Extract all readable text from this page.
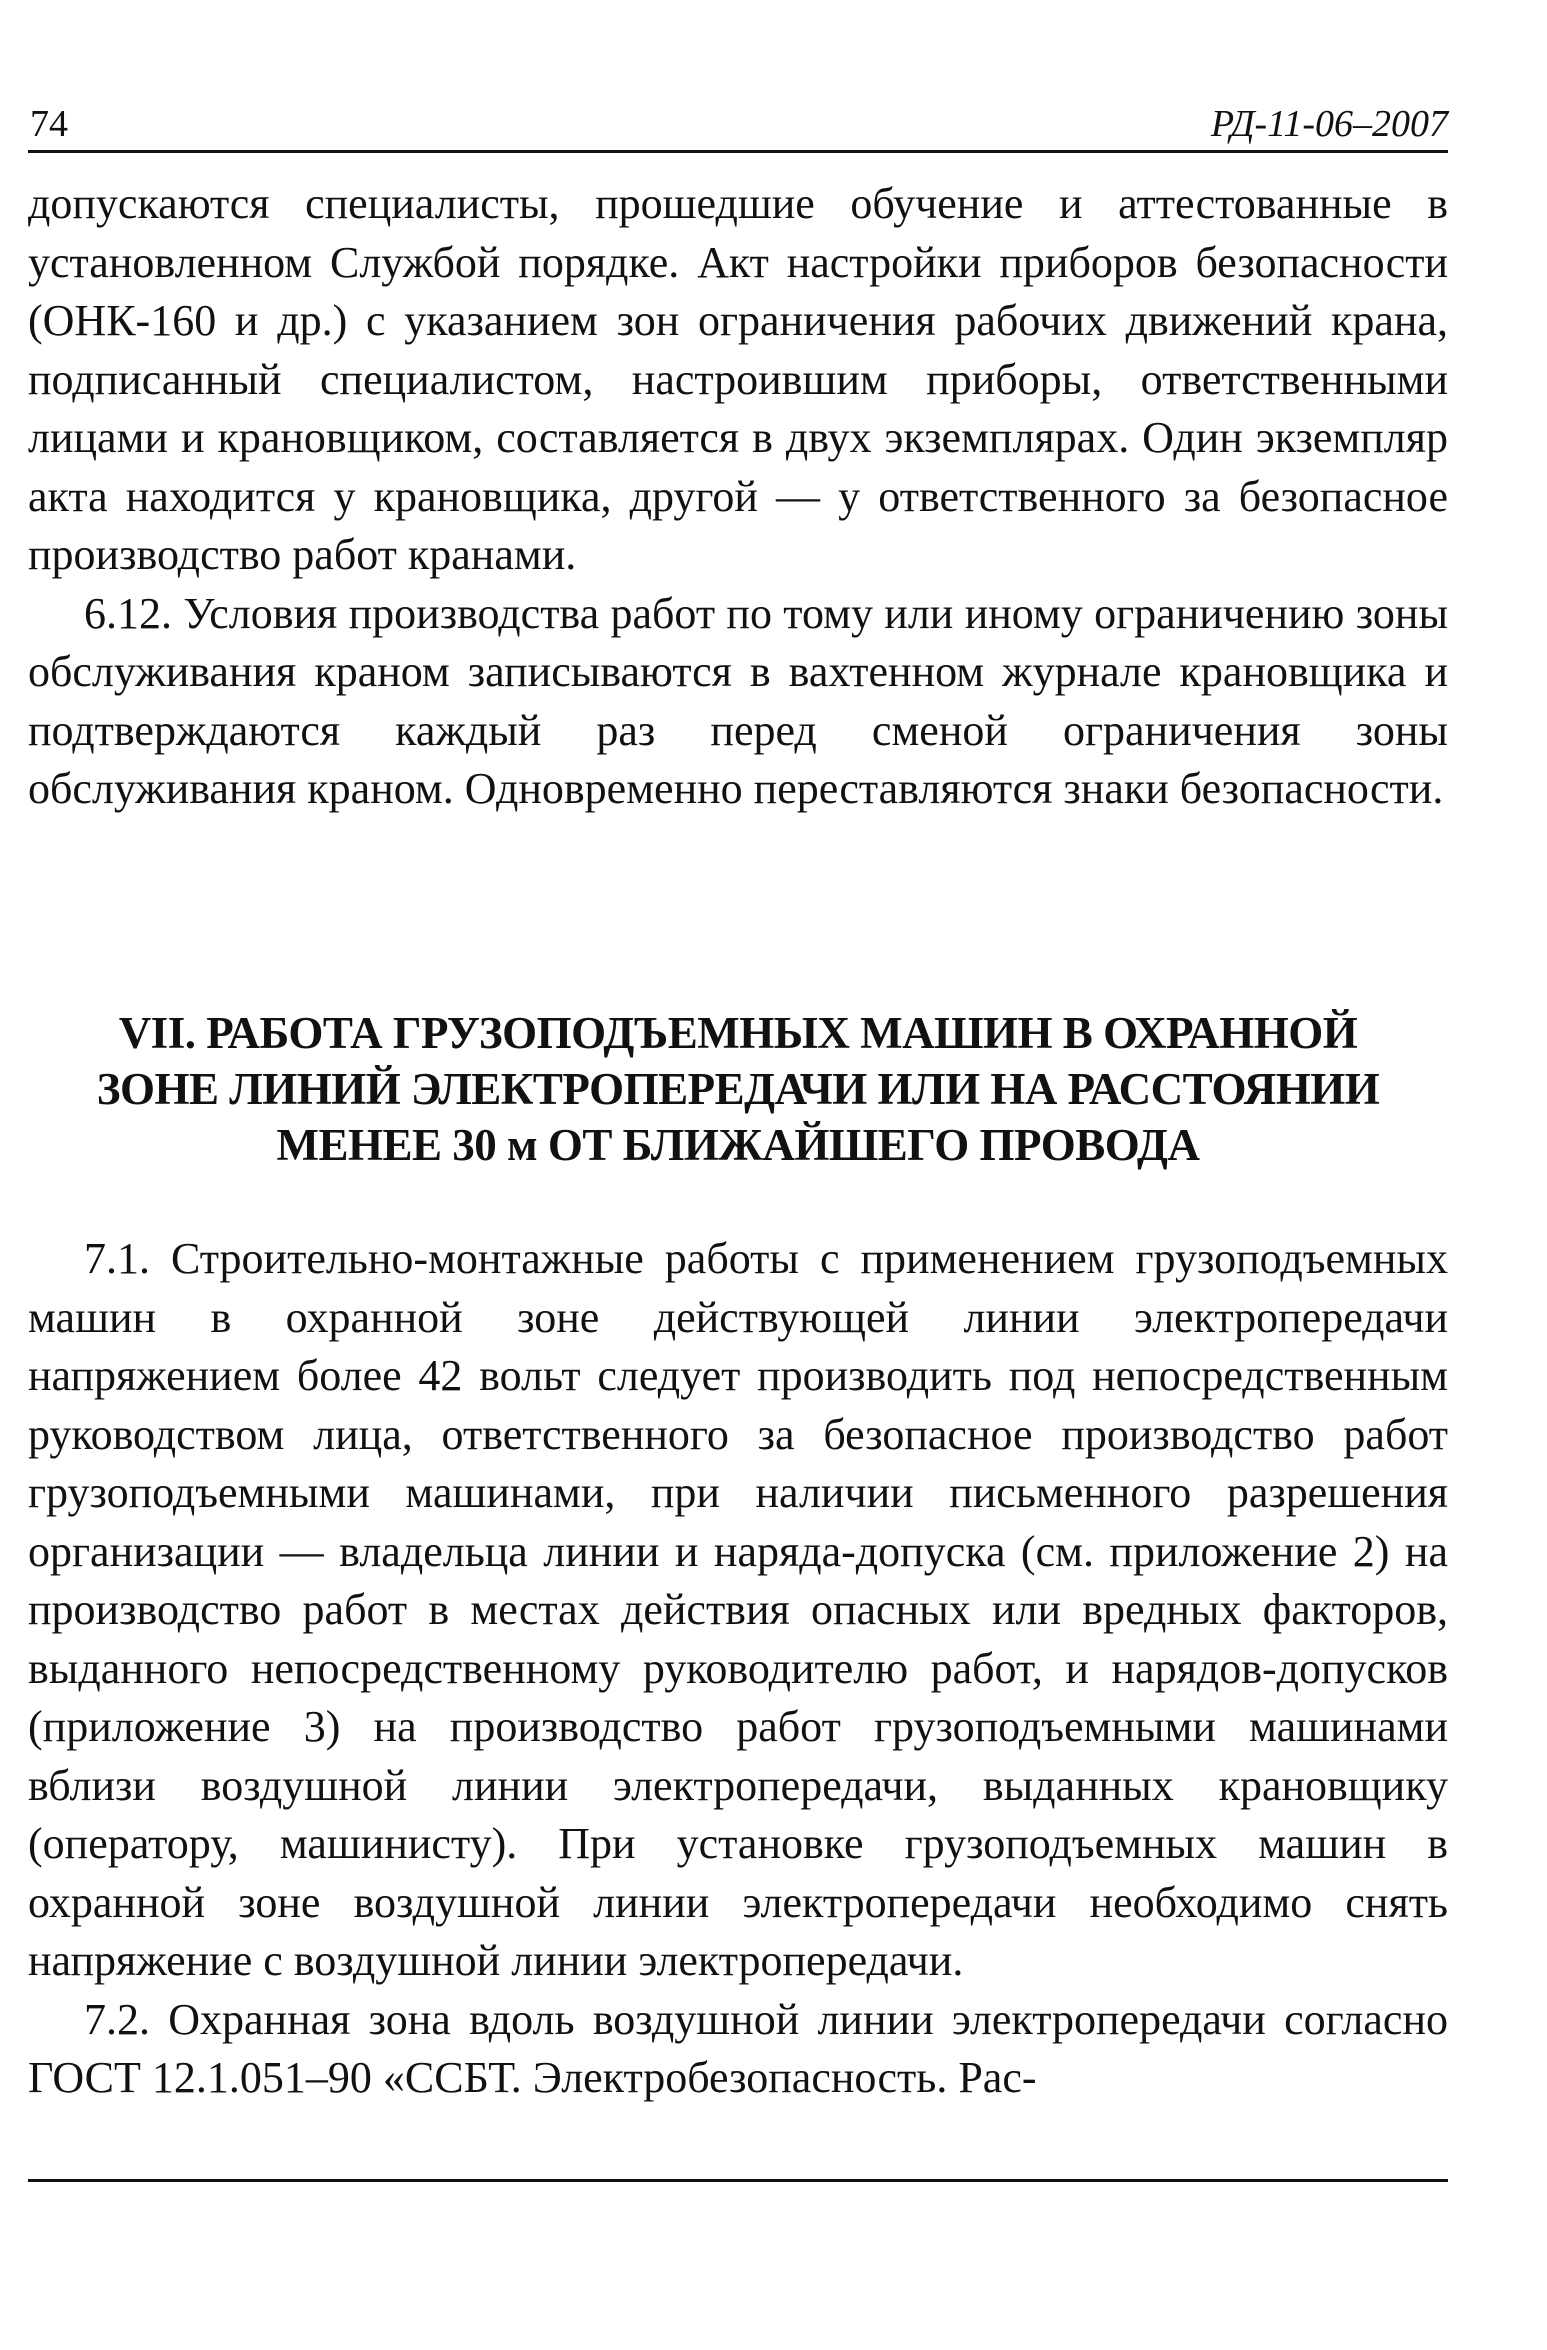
74	РД-11-06–2007

допускаются специалисты, прошедшие обучение и аттестованные в установленном Службой порядке. Акт настройки приборов безопасности (ОНК-160 и др.) с указанием зон ограничения рабочих движений крана, подписанный специалистом, настроившим приборы, ответственными лицами и крановщиком, составляется в двух экземплярах. Один экземпляр акта находится у крановщика, другой — у ответственного за безопасное производство работ кранами.

6.12. Условия производства работ по тому или иному ограничению зоны обслуживания краном записываются в вахтенном журнале крановщика и подтверждаются каждый раз перед сменой ограничения зоны обслуживания краном. Одновременно переставляются знаки безопасности.

VII. РАБОТА ГРУЗОПОДЪЕМНЫХ МАШИН В ОХРАННОЙ
ЗОНЕ ЛИНИЙ ЭЛЕКТРОПЕРЕДАЧИ ИЛИ НА РАССТОЯНИИ
МЕНЕЕ 30 м ОТ БЛИЖАЙШЕГО ПРОВОДА

7.1. Строительно-монтажные работы с применением грузоподъемных машин в охранной зоне действующей линии электропередачи напряжением более 42 вольт следует производить под непосредственным руководством лица, ответственного за безопасное производство работ грузоподъемными машинами, при наличии письменного разрешения организации — владельца линии и наряда-допуска (см. приложение 2) на производство работ в местах действия опасных или вредных факторов, выданного непосредственному руководителю работ, и нарядов-допусков (приложение 3) на производство работ грузоподъемными машинами вблизи воздушной линии электропередачи, выданных крановщику (оператору, машинисту). При установке грузоподъемных машин в охранной зоне воздушной линии электропередачи необходимо снять напряжение с воздушной линии электропередачи.

7.2. Охранная зона вдоль воздушной линии электропередачи согласно ГОСТ 12.1.051–90 «ССБТ. Электробезопасность. Рас-
